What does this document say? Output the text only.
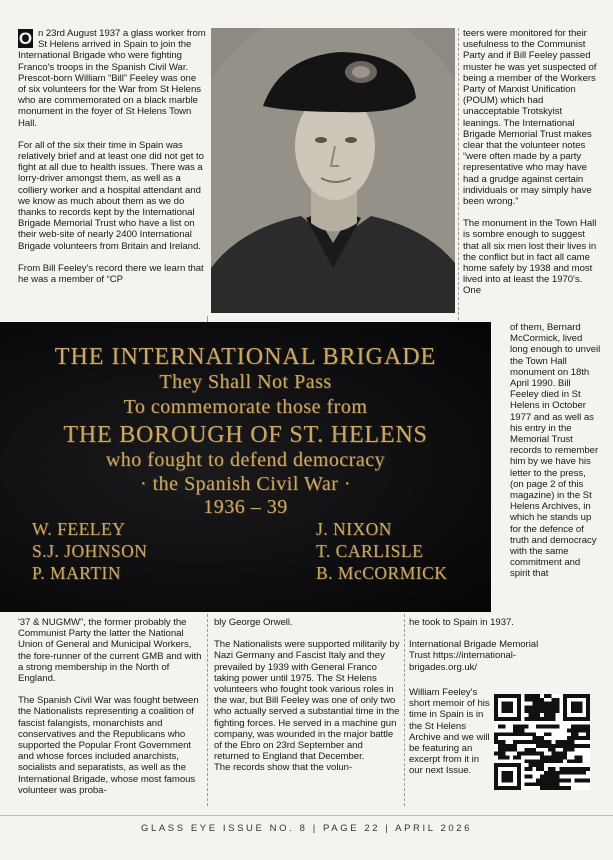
O n 23rd August 1937 a glass worker from St Helens arrived in Spain to join the International Brigade who were fighting Franco's troops in the Spanish Civil War. Prescot-born William “Bill” Feeley was one of six volunteers for the War from St Helens who are commemorated on a black marble monument in the foyer of St Helens Town Hall.

For all of the six their time in Spain was relatively brief and at least one did not get to fight at all due to health issues. There was a lorry-driver amongst them, as well as a colliery worker and a hospital attendant and we know as much about them as we do thanks to records kept by the International Brigade Memorial Trust who have a list on their web-site of nearly 2400 International Brigade volunteers from Britain and Ireland.

From Bill Feeley's record there we learn that he was a member of “CP

teers were monitored for their usefulness to the Communist Party and if Bill Feeley passed muster he was yet suspected of being a member of the Workers Party of Marxist Unification (POUM) which had unacceptable Trotskyist leanings. The International Brigade Memorial Trust makes clear that the volunteer notes “were often made by a party representative who may have had a grudge against certain individuals or may simply have been wrong.”

The monument in the Town Hall is sombre enough to suggest that all six men lost their lives in the conflict but in fact all came home safely by 1938 and most lived into at least the 1970's. One

of them, Bernard McCormick, lived long enough to unveil the Town Hall monument on 18th April 1990. Bill Feeley died in St Helens in October 1977 and as well as his entry in the Memorial Trust records to remember him by we have his letter to the press, (on page 2 of this magazine) in the St Helens Archives, in which he stands up for the defence of truth and democracy with the same commitment and spirit that

THE INTERNATIONAL BRIGADE
They Shall Not Pass
To commemorate those from
THE BOROUGH OF ST. HELENS
who fought to defend democracy
· the Spanish Civil War ·
1936 – 39
W. FEELEY
S.J. JOHNSON
P. MARTIN
J. NIXON
T. CARLISLE
B. McCORMICK

'37 & NUGMW”, the former probably the Communist Party the latter the National Union of General and Municipal Workers, the fore-runner of the current GMB and with a strong membership in the North of England.

The Spanish Civil War was fought between the Nationalists representing a coalition of fascist falangists, monarchists and conservatives and the Republicans who supported the Popular Front Government and whose forces included anarchists, socialists and separatists, as well as the International Brigade, whose most famous volunteer was proba-

bly George Orwell.

The Nationalists were supported militarily by Nazi Germany and Fascist Italy and they prevailed by 1939 with General Franco taking power until 1975. The St Helens volunteers who fought took various roles in the war, but Bill Feeley was one of only two who actually served a substantial time in the fighting forces. He served in a machine gun company, was wounded in the major battle of the Ebro on 23rd September and returned to England that December.

The records show that the volun-

he took to Spain in 1937.

International Brigade Memorial Trust https://international-brigades.org.uk/

William Feeley's short memoir of his time in Spain is in the St Helens Archive and we will be featuring an excerpt from it in our next Issue.

GLASS EYE ISSUE NO. 8 | PAGE 22 | APRIL 2026
